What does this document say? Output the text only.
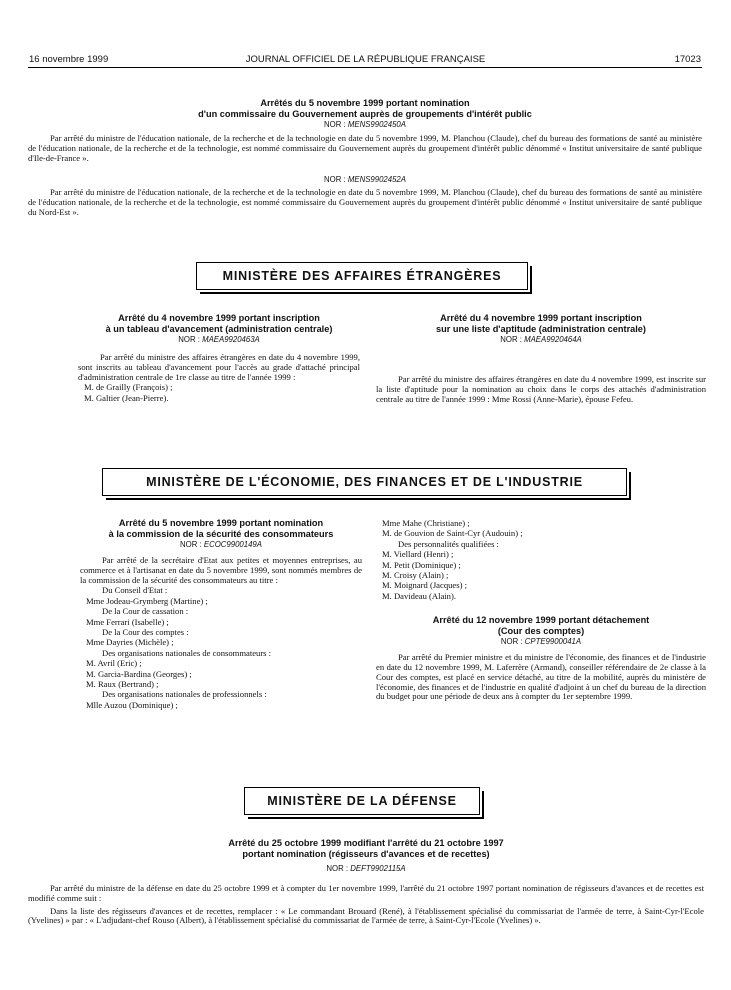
16 novembre 1999	JOURNAL OFFICIEL DE LA RÉPUBLIQUE FRANÇAISE	17023
Arrêtés du 5 novembre 1999 portant nomination
d'un commissaire du Gouvernement auprès de groupements d'intérêt public
NOR : MENS9902450A
Par arrêté du ministre de l'éducation nationale, de la recherche et de la technologie en date du 5 novembre 1999, M. Planchou (Claude), chef du bureau des formations de santé au ministère de l'éducation nationale, de la recherche et de la technologie, est nommé commissaire du Gouvernement auprès du groupement d'intérêt public dénommé « Institut universitaire de santé publique d'Ile-de-France ».
NOR : MENS9902452A
Par arrêté du ministre de l'éducation nationale, de la recherche et de la technologie en date du 5 novembre 1999, M. Planchou (Claude), chef du bureau des formations de santé au ministère de l'éducation nationale, de la recherche et de la technologie, est nommé commissaire du Gouvernement auprès du groupement d'intérêt public dénommé « Institut universitaire de santé publique du Nord-Est ».
MINISTÈRE DES AFFAIRES ÉTRANGÈRES
Arrêté du 4 novembre 1999 portant inscription
à un tableau d'avancement (administration centrale)
NOR : MAEA9920463A
Par arrêté du ministre des affaires étrangères en date du 4 novembre 1999, sont inscrits au tableau d'avancement pour l'accès au grade d'attaché principal d'administration centrale de 1re classe au titre de l'année 1999 :
M. de Grailly (François) ;
M. Galtier (Jean-Pierre).
Arrêté du 4 novembre 1999 portant inscription
sur une liste d'aptitude (administration centrale)
NOR : MAEA9920464A
Par arrêté du ministre des affaires étrangères en date du 4 novembre 1999, est inscrite sur la liste d'aptitude pour la nomination au choix dans le corps des attachés d'administration centrale au titre de l'année 1999 : Mme Rossi (Anne-Marie), épouse Fefeu.
MINISTÈRE DE L'ÉCONOMIE, DES FINANCES ET DE L'INDUSTRIE
Arrêté du 5 novembre 1999 portant nomination
à la commission de la sécurité des consommateurs
NOR : ECOC9900149A
Par arrêté de la secrétaire d'Etat aux petites et moyennes entreprises, au commerce et à l'artisanat en date du 5 novembre 1999, sont nommés membres de la commission de la sécurité des consommateurs au titre :
Du Conseil d'Etat :
Mme Jodeau-Grymberg (Martine) ;
De la Cour de cassation :
Mme Ferrari (Isabelle) ;
De la Cour des comptes :
Mme Dayries (Michèle) ;
Des organisations nationales de consommateurs :
M. Avril (Eric) ;
M. Garcia-Bardina (Georges) ;
M. Raux (Bertrand) ;
Des organisations nationales de professionnels :
Mlle Auzou (Dominique) ;
Mme Mahe (Christiane) ;
M. de Gouvion de Saint-Cyr (Audouin) ;
Des personnalités qualifiées :
M. Viellard (Henri) ;
M. Petit (Dominique) ;
M. Croisy (Alain) ;
M. Moignard (Jacques) ;
M. Davideau (Alain).
Arrêté du 12 novembre 1999 portant détachement
(Cour des comptes)
NOR : CPTE9900041A
Par arrêté du Premier ministre et du ministre de l'économie, des finances et de l'industrie en date du 12 novembre 1999, M. Laferrère (Armand), conseiller référendaire de 2e classe à la Cour des comptes, est placé en service détaché, au titre de la mobilité, auprès du ministère de l'économie, des finances et de l'industrie en qualité d'adjoint à un chef du bureau de la direction du budget pour une période de deux ans à compter du 1er septembre 1999.
MINISTÈRE DE LA DÉFENSE
Arrêté du 25 octobre 1999 modifiant l'arrêté du 21 octobre 1997
portant nomination (régisseurs d'avances et de recettes)
NOR : DEFT9902115A
Par arrêté du ministre de la défense en date du 25 octobre 1999 et à compter du 1er novembre 1999, l'arrêté du 21 octobre 1997 portant nomination de régisseurs d'avances et de recettes est modifié comme suit :
Dans la liste des régisseurs d'avances et de recettes, remplacer : « Le commandant Brouard (René), à l'établissement spécialisé du commissariat de l'armée de terre, à Saint-Cyr-l'Ecole (Yvelines) » par : « L'adjudant-chef Rouso (Albert), à l'établissement spécialisé du commissariat de l'armée de terre, à Saint-Cyr-l'Ecole (Yvelines) ».
